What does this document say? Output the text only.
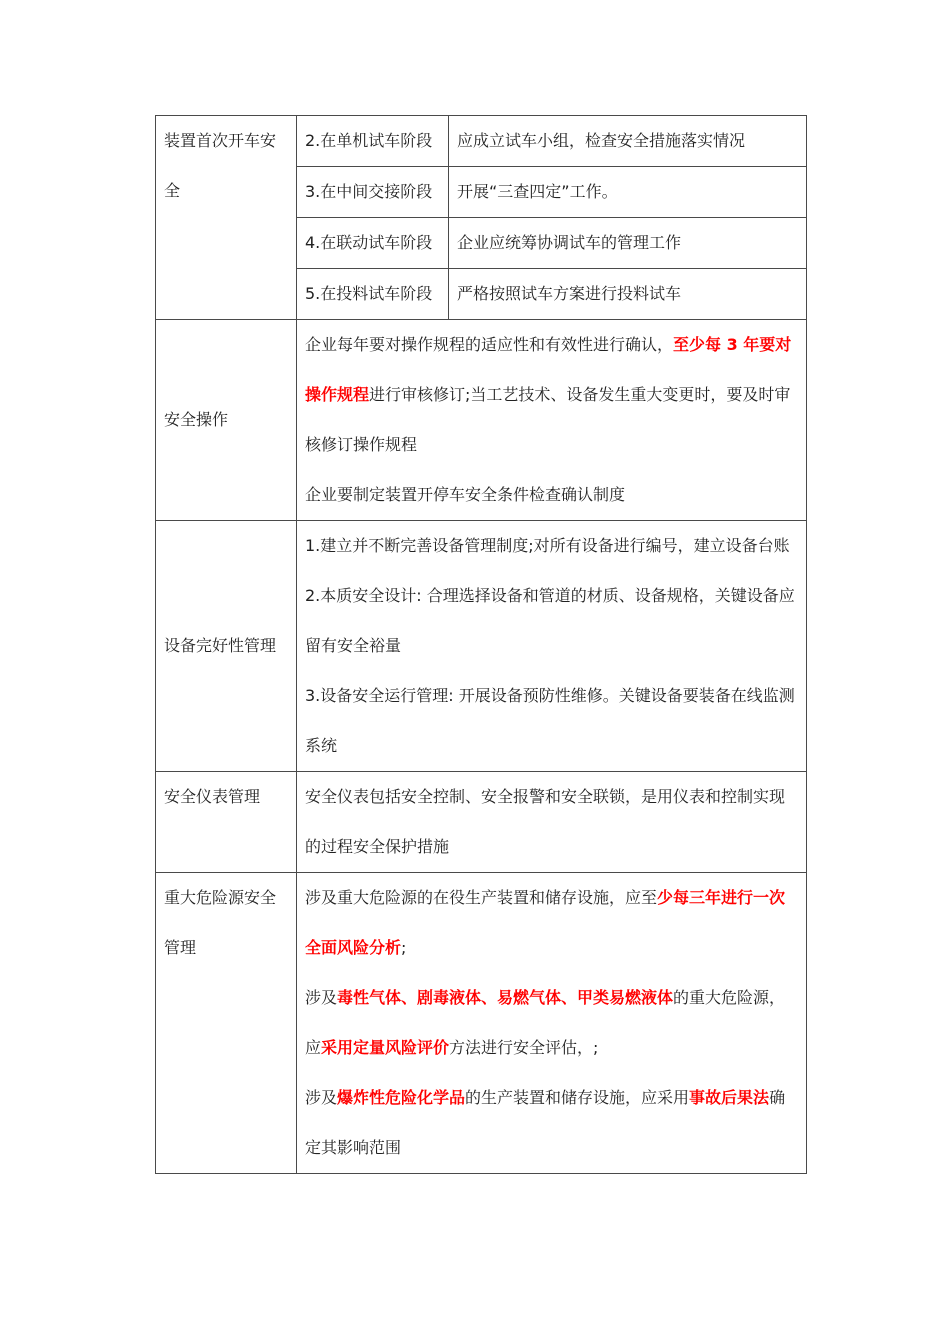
装置首次开车安全	2.在单机试车阶段	应成立试车小组，检查安全措施落实情况
	3.在中间交接阶段	开展“三查四定”工作。
	4.在联动试车阶段	企业应统筹协调试车的管理工作
	5.在投料试车阶段	严格按照试车方案进行投料试车
安全操作	企业每年要对操作规程的适应性和有效性进行确认，至少每 3 年要对操作规程进行审核修订;当工艺技术、设备发生重大变更时，要及时审核修订操作规程
企业要制定装置开停车安全条件检查确认制度	

设备完好性管理	1.建立并不断完善设备管理制度;对所有设备进行编号，建立设备台账
2.本质安全设计: 合理选择设备和管道的材质、设备规格，关键设备应留有安全裕量
3.设备安全运行管理: 开展设备预防性维修。关键设备要装备在线监测系统	

安全仪表管理	安全仪表包括安全控制、安全报警和安全联锁，是用仪表和控制实现的过程安全保护措施	
重大危险源安全管理	涉及重大危险源的在役生产装置和储存设施，应至少每三年进行一次全面风险分析;
涉及毒性气体、剧毒液体、易燃气体、甲类易燃液体的重大危险源，应采用定量风险评价方法进行安全评估，;
涉及爆炸性危险化学品的生产装置和储存设施，应采用事故后果法确定其影响范围	
